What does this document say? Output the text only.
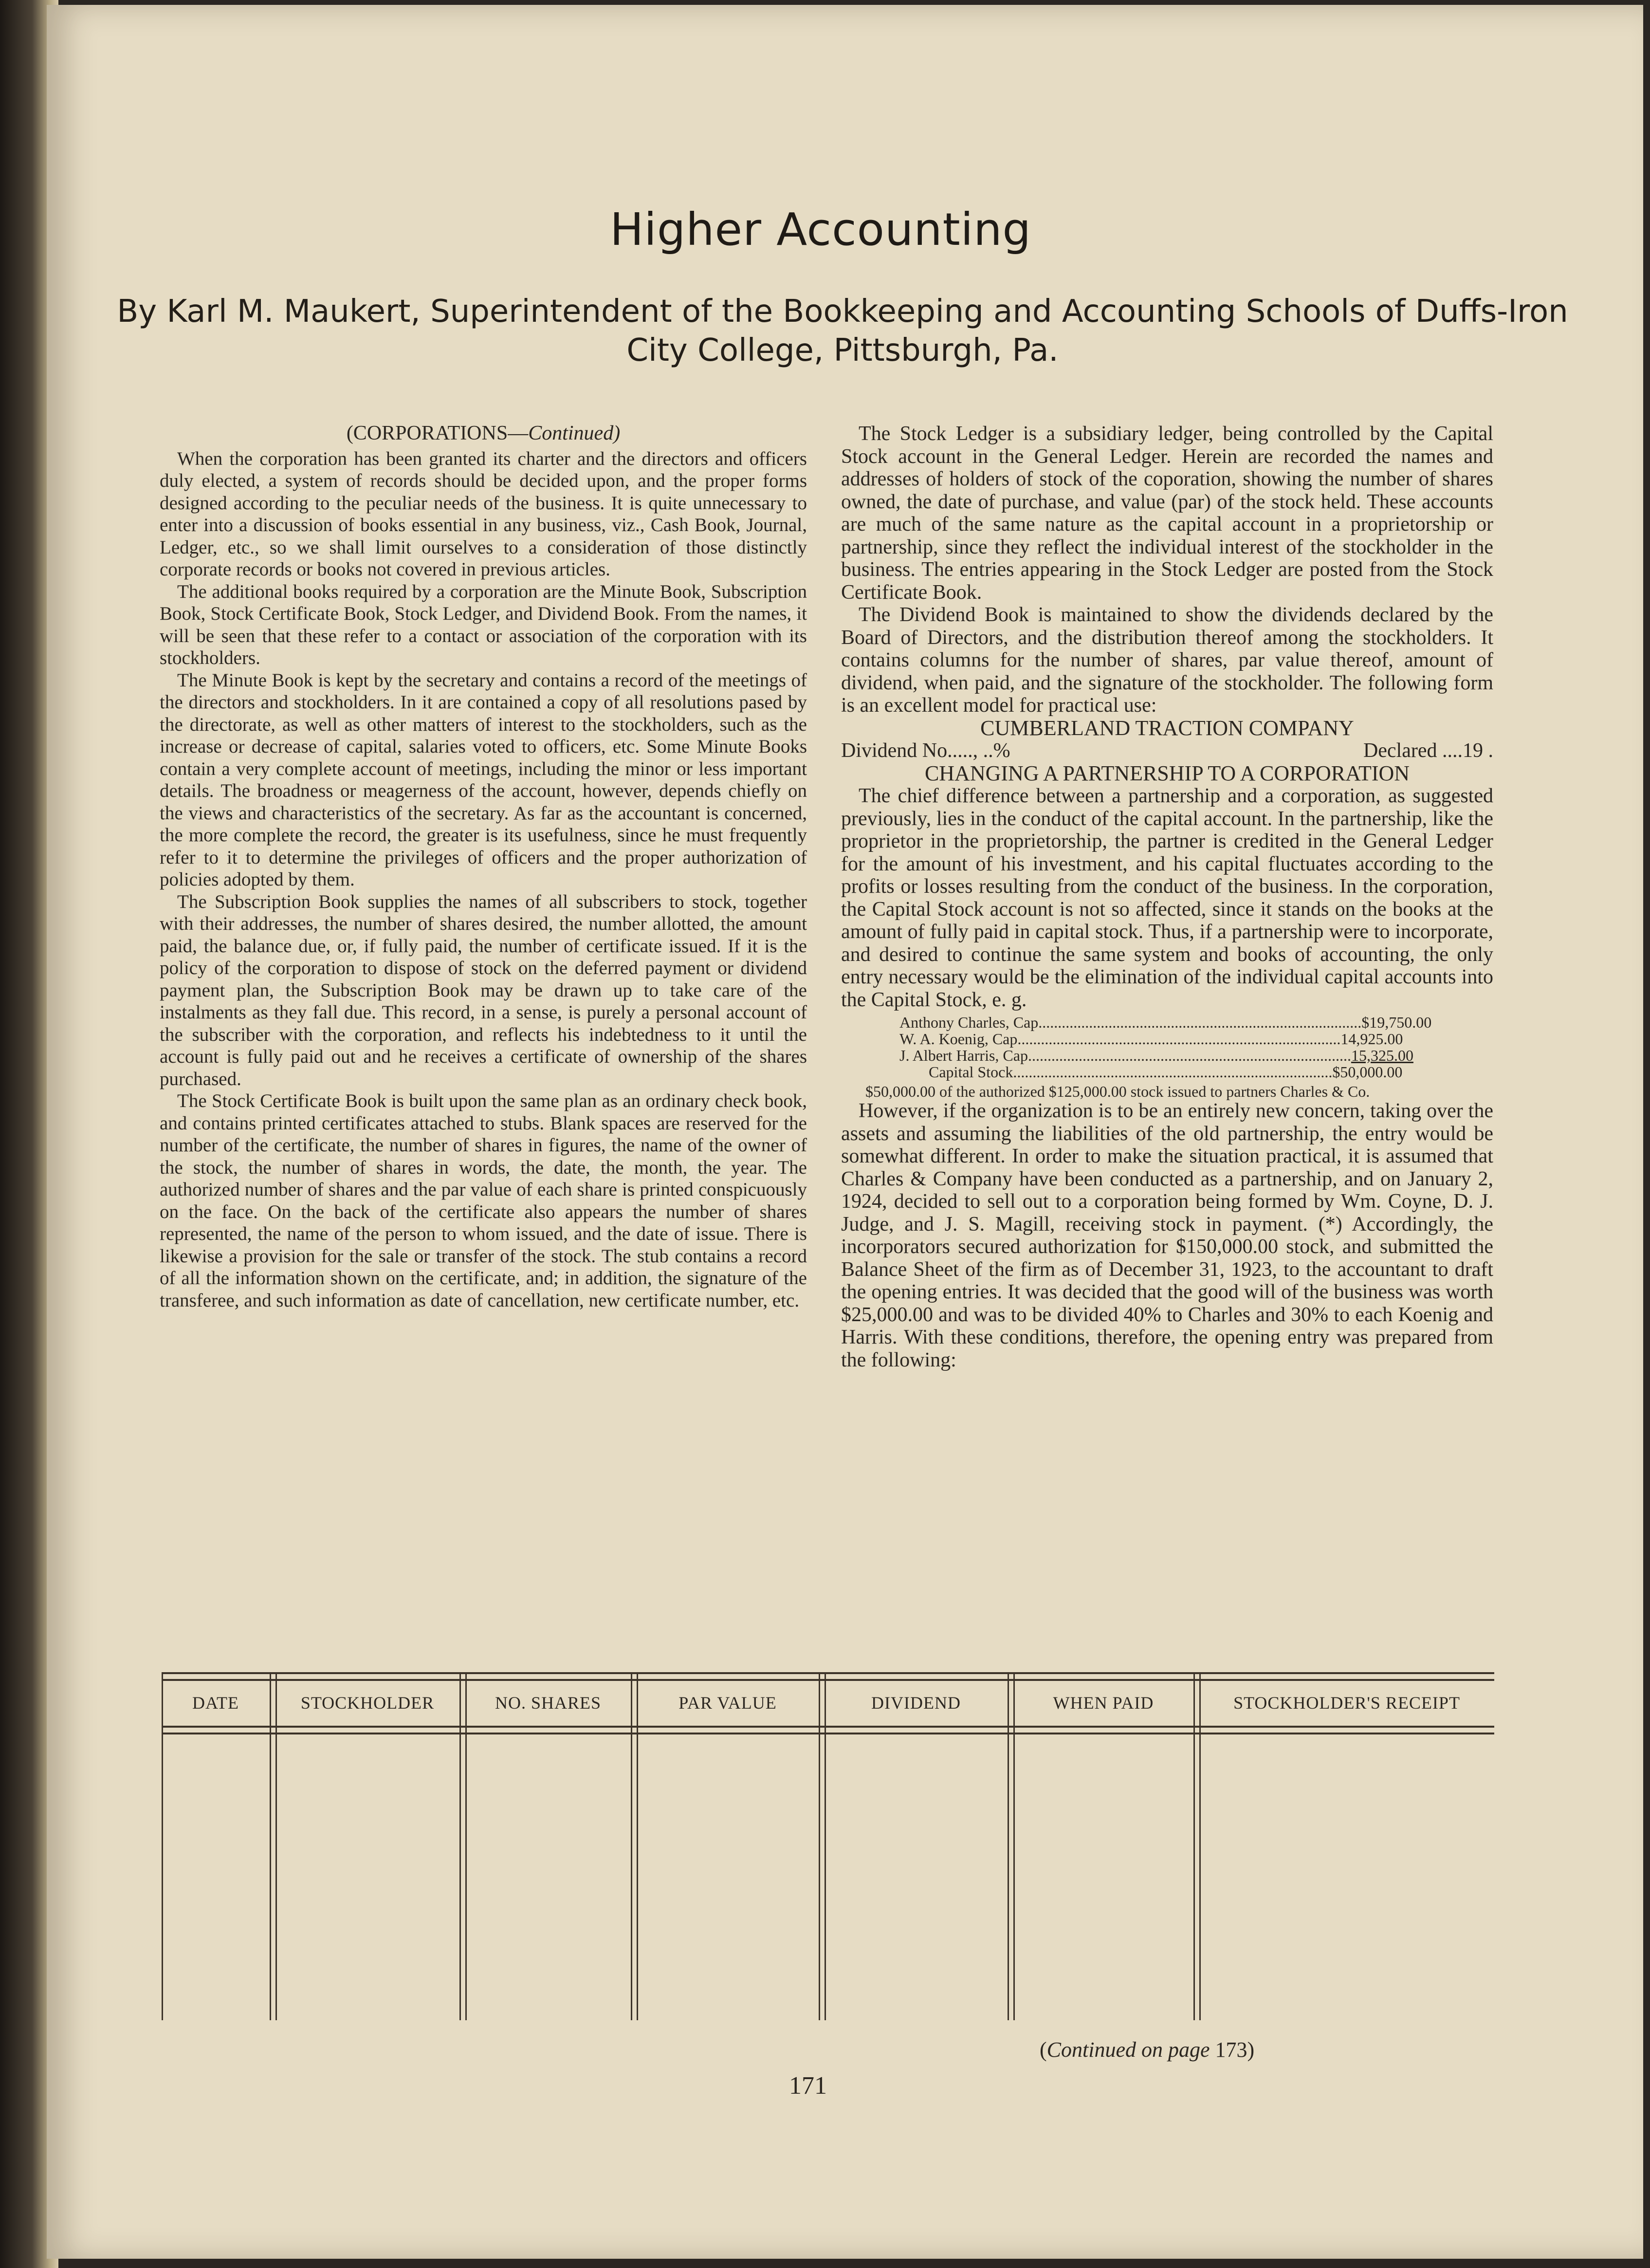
Higher Accounting
By Karl M. Maukert, Superintendent of the Bookkeeping and Accounting Schools of Duffs-Iron City College, Pittsburgh, Pa.

(CORPORATIONS—Continued)

When the corporation has been granted its charter and the directors and officers duly elected, a system of records should be decided upon, and the proper forms designed according to the peculiar needs of the business. It is quite unnecessary to enter into a discussion of books essential in any business, viz., Cash Book, Journal, Ledger, etc., so we shall limit ourselves to a consideration of those distinctly corporate records or books not covered in previous articles.

The additional books required by a corporation are the Minute Book, Subscription Book, Stock Certificate Book, Stock Ledger, and Dividend Book. From the names, it will be seen that these refer to a contact or association of the corporation with its stockholders.

The Minute Book is kept by the secretary and contains a record of the meetings of the directors and stockholders. In it are contained a copy of all resolutions pased by the directorate, as well as other matters of interest to the stockholders, such as the increase or decrease of capital, salaries voted to officers, etc. Some Minute Books contain a very complete account of meetings, including the minor or less important details. The broadness or meagerness of the account, however, depends chiefly on the views and characteristics of the secretary. As far as the accountant is concerned, the more complete the record, the greater is its usefulness, since he must frequently refer to it to determine the privileges of officers and the proper authorization of policies adopted by them.

The Subscription Book supplies the names of all subscribers to stock, together with their addresses, the number of shares desired, the number allotted, the amount paid, the balance due, or, if fully paid, the number of certificate issued. If it is the policy of the corporation to dispose of stock on the deferred payment or dividend payment plan, the Subscription Book may be drawn up to take care of the instalments as they fall due. This record, in a sense, is purely a personal account of the subscriber with the corporation, and reflects his indebtedness to it until the account is fully paid out and he receives a certificate of ownership of the shares purchased.

The Stock Certificate Book is built upon the same plan as an ordinary check book, and contains printed certificates attached to stubs. Blank spaces are reserved for the number of the certificate, the number of shares in figures, the name of the owner of the stock, the number of shares in words, the date, the month, the year. The authorized number of shares and the par value of each share is printed conspicuously on the face. On the back of the certificate also appears the number of shares represented, the name of the person to whom issued, and the date of issue. There is likewise a provision for the sale or transfer of the stock. The stub contains a record of all the information shown on the certificate, and; in addition, the signature of the transferee, and such information as date of cancellation, new certificate number, etc.

The Stock Ledger is a subsidiary ledger, being controlled by the Capital Stock account in the General Ledger. Herein are recorded the names and addresses of holders of stock of the coporation, showing the number of shares owned, the date of purchase, and value (par) of the stock held. These accounts are much of the same nature as the capital account in a proprietorship or partnership, since they reflect the individual interest of the stockholder in the business. The entries appearing in the Stock Ledger are posted from the Stock Certificate Book.

The Dividend Book is maintained to show the dividends declared by the Board of Directors, and the distribution thereof among the stockholders. It contains columns for the number of shares, par value thereof, amount of dividend, when paid, and the signature of the stockholder. The following form is an excellent model for practical use:

CUMBERLAND TRACTION COMPANY

Dividend No....., ..%	Declared ....19 .

CHANGING A PARTNERSHIP TO A CORPORATION

The chief difference between a partnership and a corporation, as suggested previously, lies in the conduct of the capital account. In the partnership, like the proprietor in the proprietorship, the partner is credited in the General Ledger for the amount of his investment, and his capital fluctuates according to the profits or losses resulting from the conduct of the business. In the corporation, the Capital Stock account is not so affected, since it stands on the books at the amount of fully paid in capital stock. Thus, if a partnership were to incorporate, and desired to continue the same system and books of accounting, the only entry necessary would be the elimination of the individual capital accounts into the Capital Stock, e. g.

Anthony Charles, Cap. .................................................................................. $19,750.00
W. A. Koenig, Cap. .................................................................................. 14,925.00
J. Albert Harris, Cap. .................................................................................. 15,325.00
Capital Stock .................................................................................. $50,000.00

$50,000.00 of the authorized $125,000.00 stock issued to partners Charles & Co.

However, if the organization is to be an entirely new concern, taking over the assets and assuming the liabilities of the old partnership, the entry would be somewhat different. In order to make the situation practical, it is assumed that Charles & Company have been conducted as a partnership, and on January 2, 1924, decided to sell out to a corporation being formed by Wm. Coyne, D. J. Judge, and J. S. Magill, receiving stock in payment. (*) Accordingly, the incorporators secured authorization for $150,000.00 stock, and submitted the Balance Sheet of the firm as of December 31, 1923, to the accountant to draft the opening entries. It was decided that the good will of the business was worth $25,000.00 and was to be divided 40% to Charles and 30% to each Koenig and Harris. With these conditions, therefore, the opening entry was prepared from the following:

DATE	STOCKHOLDER	NO. SHARES	PAR VALUE	DIVIDEND	WHEN PAID	STOCKHOLDER'S RECEIPT
(Continued on page 173)
171
